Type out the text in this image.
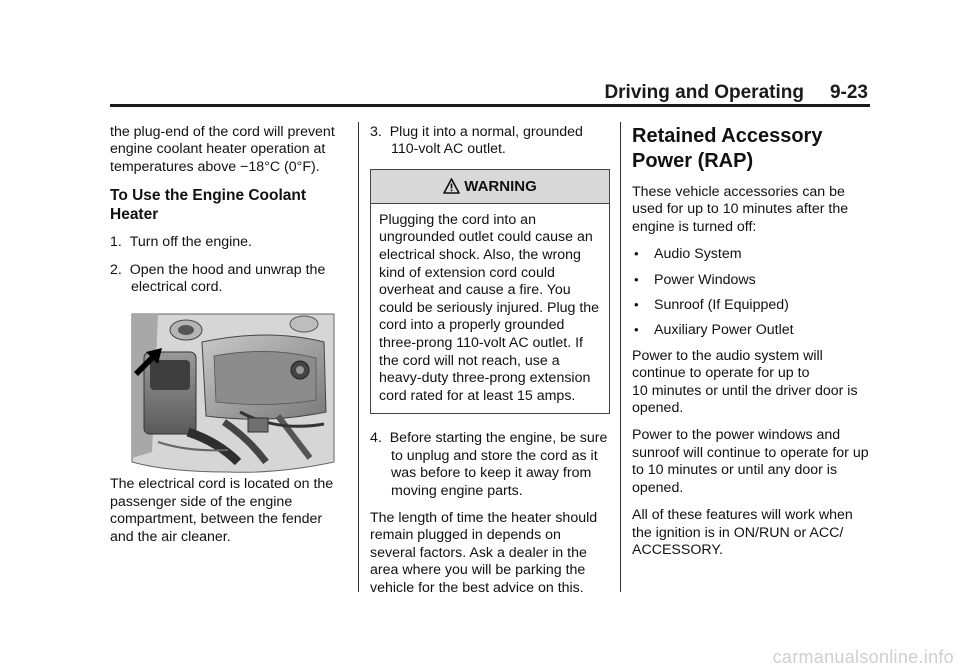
Driving and Operating 9-23

the plug-end of the cord will prevent engine coolant heater operation at temperatures above −18°C (0°F).

To Use the Engine Coolant Heater

1.  Turn off the engine.

2.  Open the hood and unwrap the electrical cord.

The electrical cord is located on the passenger side of the engine compartment, between the fender and the air cleaner.

3.  Plug it into a normal, grounded 110-volt AC outlet.

WARNING
Plugging the cord into an ungrounded outlet could cause an electrical shock. Also, the wrong kind of extension cord could overheat and cause a fire. You could be seriously injured. Plug the cord into a properly grounded three-prong 110-volt AC outlet. If the cord will not reach, use a heavy-duty three-prong extension cord rated for at least 15 amps.

4.  Before starting the engine, be sure to unplug and store the cord as it was before to keep it away from moving engine parts.

The length of time the heater should remain plugged in depends on several factors. Ask a dealer in the area where you will be parking the vehicle for the best advice on this.

Retained Accessory Power (RAP)

These vehicle accessories can be used for up to 10 minutes after the engine is turned off:

• Audio System
• Power Windows
• Sunroof (If Equipped)
• Auxiliary Power Outlet

Power to the audio system will continue to operate for up to 10 minutes or until the driver door is opened.

Power to the power windows and sunroof will continue to operate for up to 10 minutes or until any door is opened.

All of these features will work when the ignition is in ON/RUN or ACC/ ACCESSORY.

carmanualsonline.info
